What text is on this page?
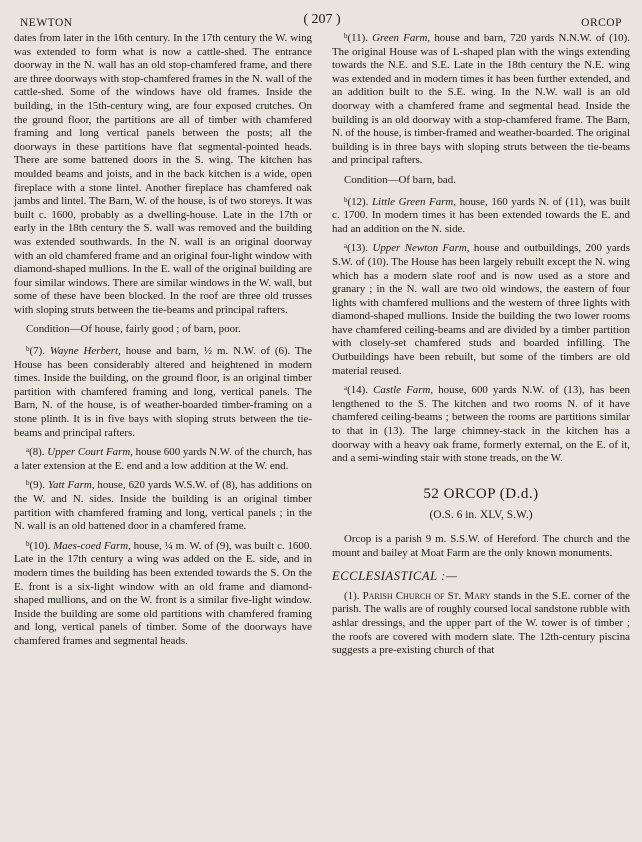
NEWTON	( 207 )	ORCOP

dates from later in the 16th century. In the 17th century the W. wing was extended to form what is now a cattle-shed. The entrance doorway in the N. wall has an old stop-chamfered frame, and there are three doorways with stop-chamfered frames in the N. wall of the cattle-shed. Some of the windows have old frames. Inside the building, in the 15th-century wing, are four exposed crutches. On the ground floor, the partitions are all of timber with chamfered framing and long vertical panels between the posts; all the doorways in these partitions have flat segmental-pointed heads. There are some battened doors in the S. wing. The kitchen has moulded beams and joists, and in the back kitchen is a wide, open fireplace with a stone lintel. Another fireplace has chamfered oak jambs and lintel. The Barn, W. of the house, is of two storeys. It was built c. 1600, probably as a dwelling-house. Late in the 17th or early in the 18th century the S. wall was removed and the building was extended southwards. In the N. wall is an original doorway with an old chamfered frame and an original four-light window with diamond-shaped mullions. In the E. wall of the original building are four similar windows. There are similar windows in the W. wall, but some of these have been blocked. In the roof are three old trusses with sloping struts between the tie-beams and principal rafters.

Condition—Of house, fairly good ; of barn, poor.

$^b$(7). Wayne Herbert, house and barn, ½ m. N.W. of (6). The House has been considerably altered and heightened in modern times. Inside the building, on the ground floor, is an original timber partition with chamfered framing and long, vertical panels. The Barn, N. of the house, is of weather-boarded timber-framing on a stone plinth. It is in five bays with sloping struts between the tie-beams and principal rafters.

$^a$(8). Upper Court Farm, house 600 yards N.W. of the church, has a later extension at the E. end and a low addition at the W. end.

$^b$(9). Yatt Farm, house, 620 yards W.S.W. of (8), has additions on the W. and N. sides. Inside the building is an original timber partition with chamfered framing and long, vertical panels ; in the N. wall is an old battened door in a chamfered frame.

$^b$(10). Maes-coed Farm, house, ¼ m. W. of (9), was built c. 1600. Late in the 17th century a wing was added on the E. side, and in modern times the building has been extended towards the S. On the E. front is a six-light window with an old frame and diamond-shaped mullions, and on the W. front is a similar five-light window. Inside the building are some old partitions with chamfered framing and long, vertical panels of timber. Some of the doorways have chamfered frames and segmental heads.

$^b$(11). Green Farm, house and barn, 720 yards N.N.W. of (10). The original House was of L-shaped plan with the wings extending towards the N.E. and S.E. Late in the 18th century the N.E. wing was extended and in modern times it has been further extended, and an addition built to the S.E. wing. In the N.W. wall is an old doorway with a chamfered frame and segmental head. Inside the building is an old doorway with a stop-chamfered frame. The Barn, N. of the house, is timber-framed and weather-boarded. The original building is in three bays with sloping struts between the tie-beams and principal rafters.

Condition—Of barn, bad.

$^b$(12). Little Green Farm, house, 160 yards N. of (11), was built c. 1700. In modern times it has been extended towards the E. and had an addition on the N. side.

$^a$(13). Upper Newton Farm, house and outbuildings, 200 yards S.W. of (10). The House has been largely rebuilt except the N. wing which has a modern slate roof and is now used as a store and granary ; in the N. wall are two old windows, the eastern of four lights with chamfered mullions and the western of three lights with diamond-shaped mullions. Inside the building the two lower rooms have chamfered ceiling-beams and are divided by a timber partition with closely-set chamfered studs and boarded infilling. The Outbuildings have been rebuilt, but some of the timbers are old material reused.

$^a$(14). Castle Farm, house, 600 yards N.W. of (13), has been lengthened to the S. The kitchen and two rooms N. of it have chamfered ceiling-beams ; between the rooms are partitions similar to that in (13). The large chimney-stack in the kitchen has a doorway with a heavy oak frame, formerly external, on the E. of it, and a semi-winding stair with stone treads, on the W.

52 ORCOP (D.d.)
(O.S. 6 in. XLV, S.W.)

Orcop is a parish 9 m. S.S.W. of Hereford. The church and the mount and bailey at Moat Farm are the only known monuments.

ECCLESIASTICAL :—

(1). Parish Church of St. Mary stands in the S.E. corner of the parish. The walls are of roughly coursed local sandstone rubble with ashlar dressings, and the upper part of the W. tower is of timber ; the roofs are covered with modern slate. The 12th-century piscina suggests a pre-existing church of that
